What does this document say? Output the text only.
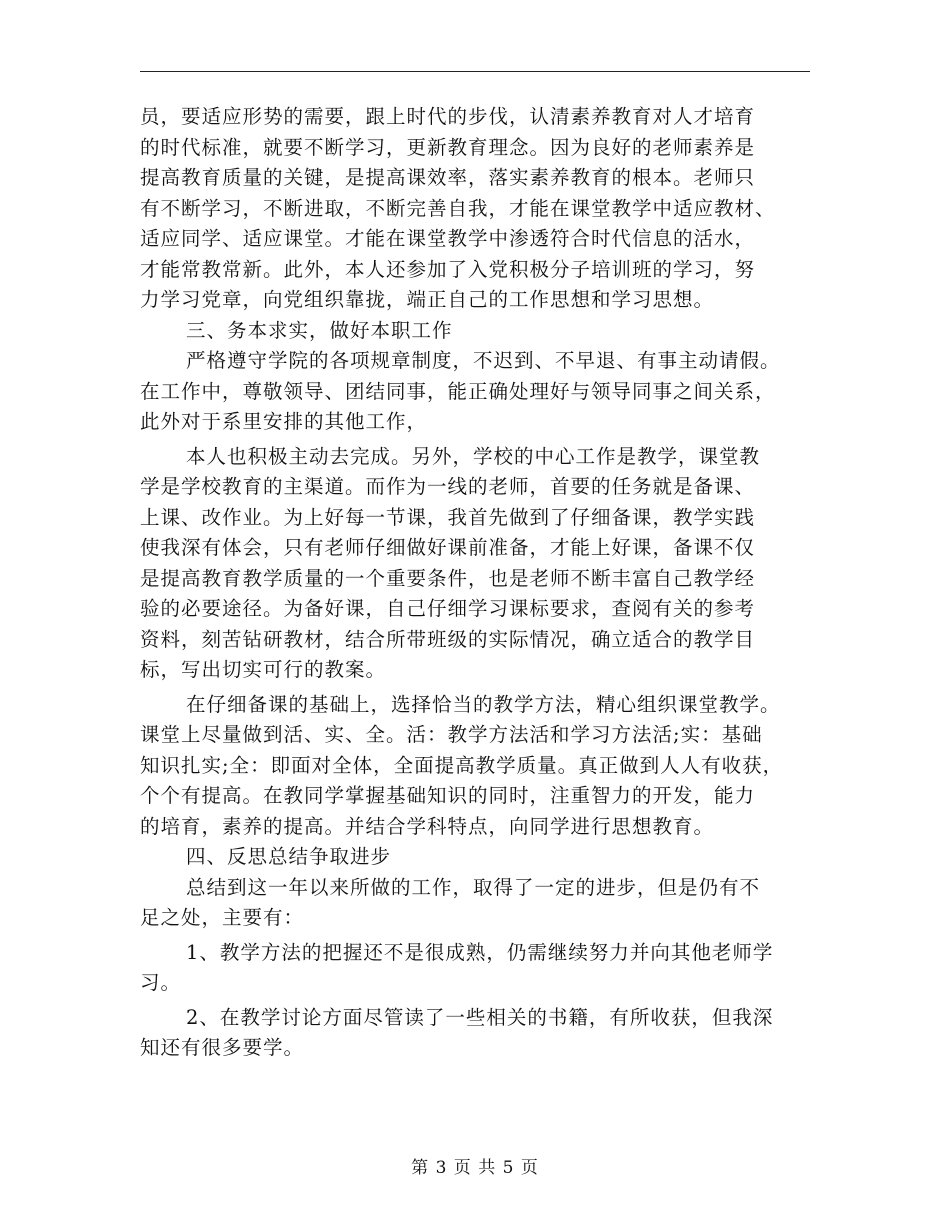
员，要适应形势的需要，跟上时代的步伐，认清素养教育对人才培育
的时代标准，就要不断学习，更新教育理念。因为良好的老师素养是
提高教育质量的关键，是提高课效率，落实素养教育的根本。老师只
有不断学习，不断进取，不断完善自我，才能在课堂教学中适应教材、
适应同学、适应课堂。才能在课堂教学中渗透符合时代信息的活水，
才能常教常新。此外，本人还参加了入党积极分子培训班的学习，努
力学习党章，向党组织靠拢，端正自己的工作思想和学习思想。
三、务本求实，做好本职工作
严格遵守学院的各项规章制度，不迟到、不早退、有事主动请假。
在工作中，尊敬领导、团结同事，能正确处理好与领导同事之间关系，
此外对于系里安排的其他工作，
本人也积极主动去完成。另外，学校的中心工作是教学，课堂教
学是学校教育的主渠道。而作为一线的老师，首要的任务就是备课、
上课、改作业。为上好每一节课，我首先做到了仔细备课，教学实践
使我深有体会，只有老师仔细做好课前准备，才能上好课，备课不仅
是提高教育教学质量的一个重要条件，也是老师不断丰富自己教学经
验的必要途径。为备好课，自己仔细学习课标要求，查阅有关的参考
资料，刻苦钻研教材，结合所带班级的实际情况，确立适合的教学目
标，写出切实可行的教案。
在仔细备课的基础上，选择恰当的教学方法，精心组织课堂教学。
课堂上尽量做到活、实、全。活：教学方法活和学习方法活;实：基础
知识扎实;全：即面对全体，全面提高教学质量。真正做到人人有收获，
个个有提高。在教同学掌握基础知识的同时，注重智力的开发，能力
的培育，素养的提高。并结合学科特点，向同学进行思想教育。
四、反思总结争取进步
总结到这一年以来所做的工作，取得了一定的进步，但是仍有不
足之处，主要有：
1、教学方法的把握还不是很成熟，仍需继续努力并向其他老师学
习。
2、在教学讨论方面尽管读了一些相关的书籍，有所收获，但我深
知还有很多要学。
第 3 页 共 5 页
